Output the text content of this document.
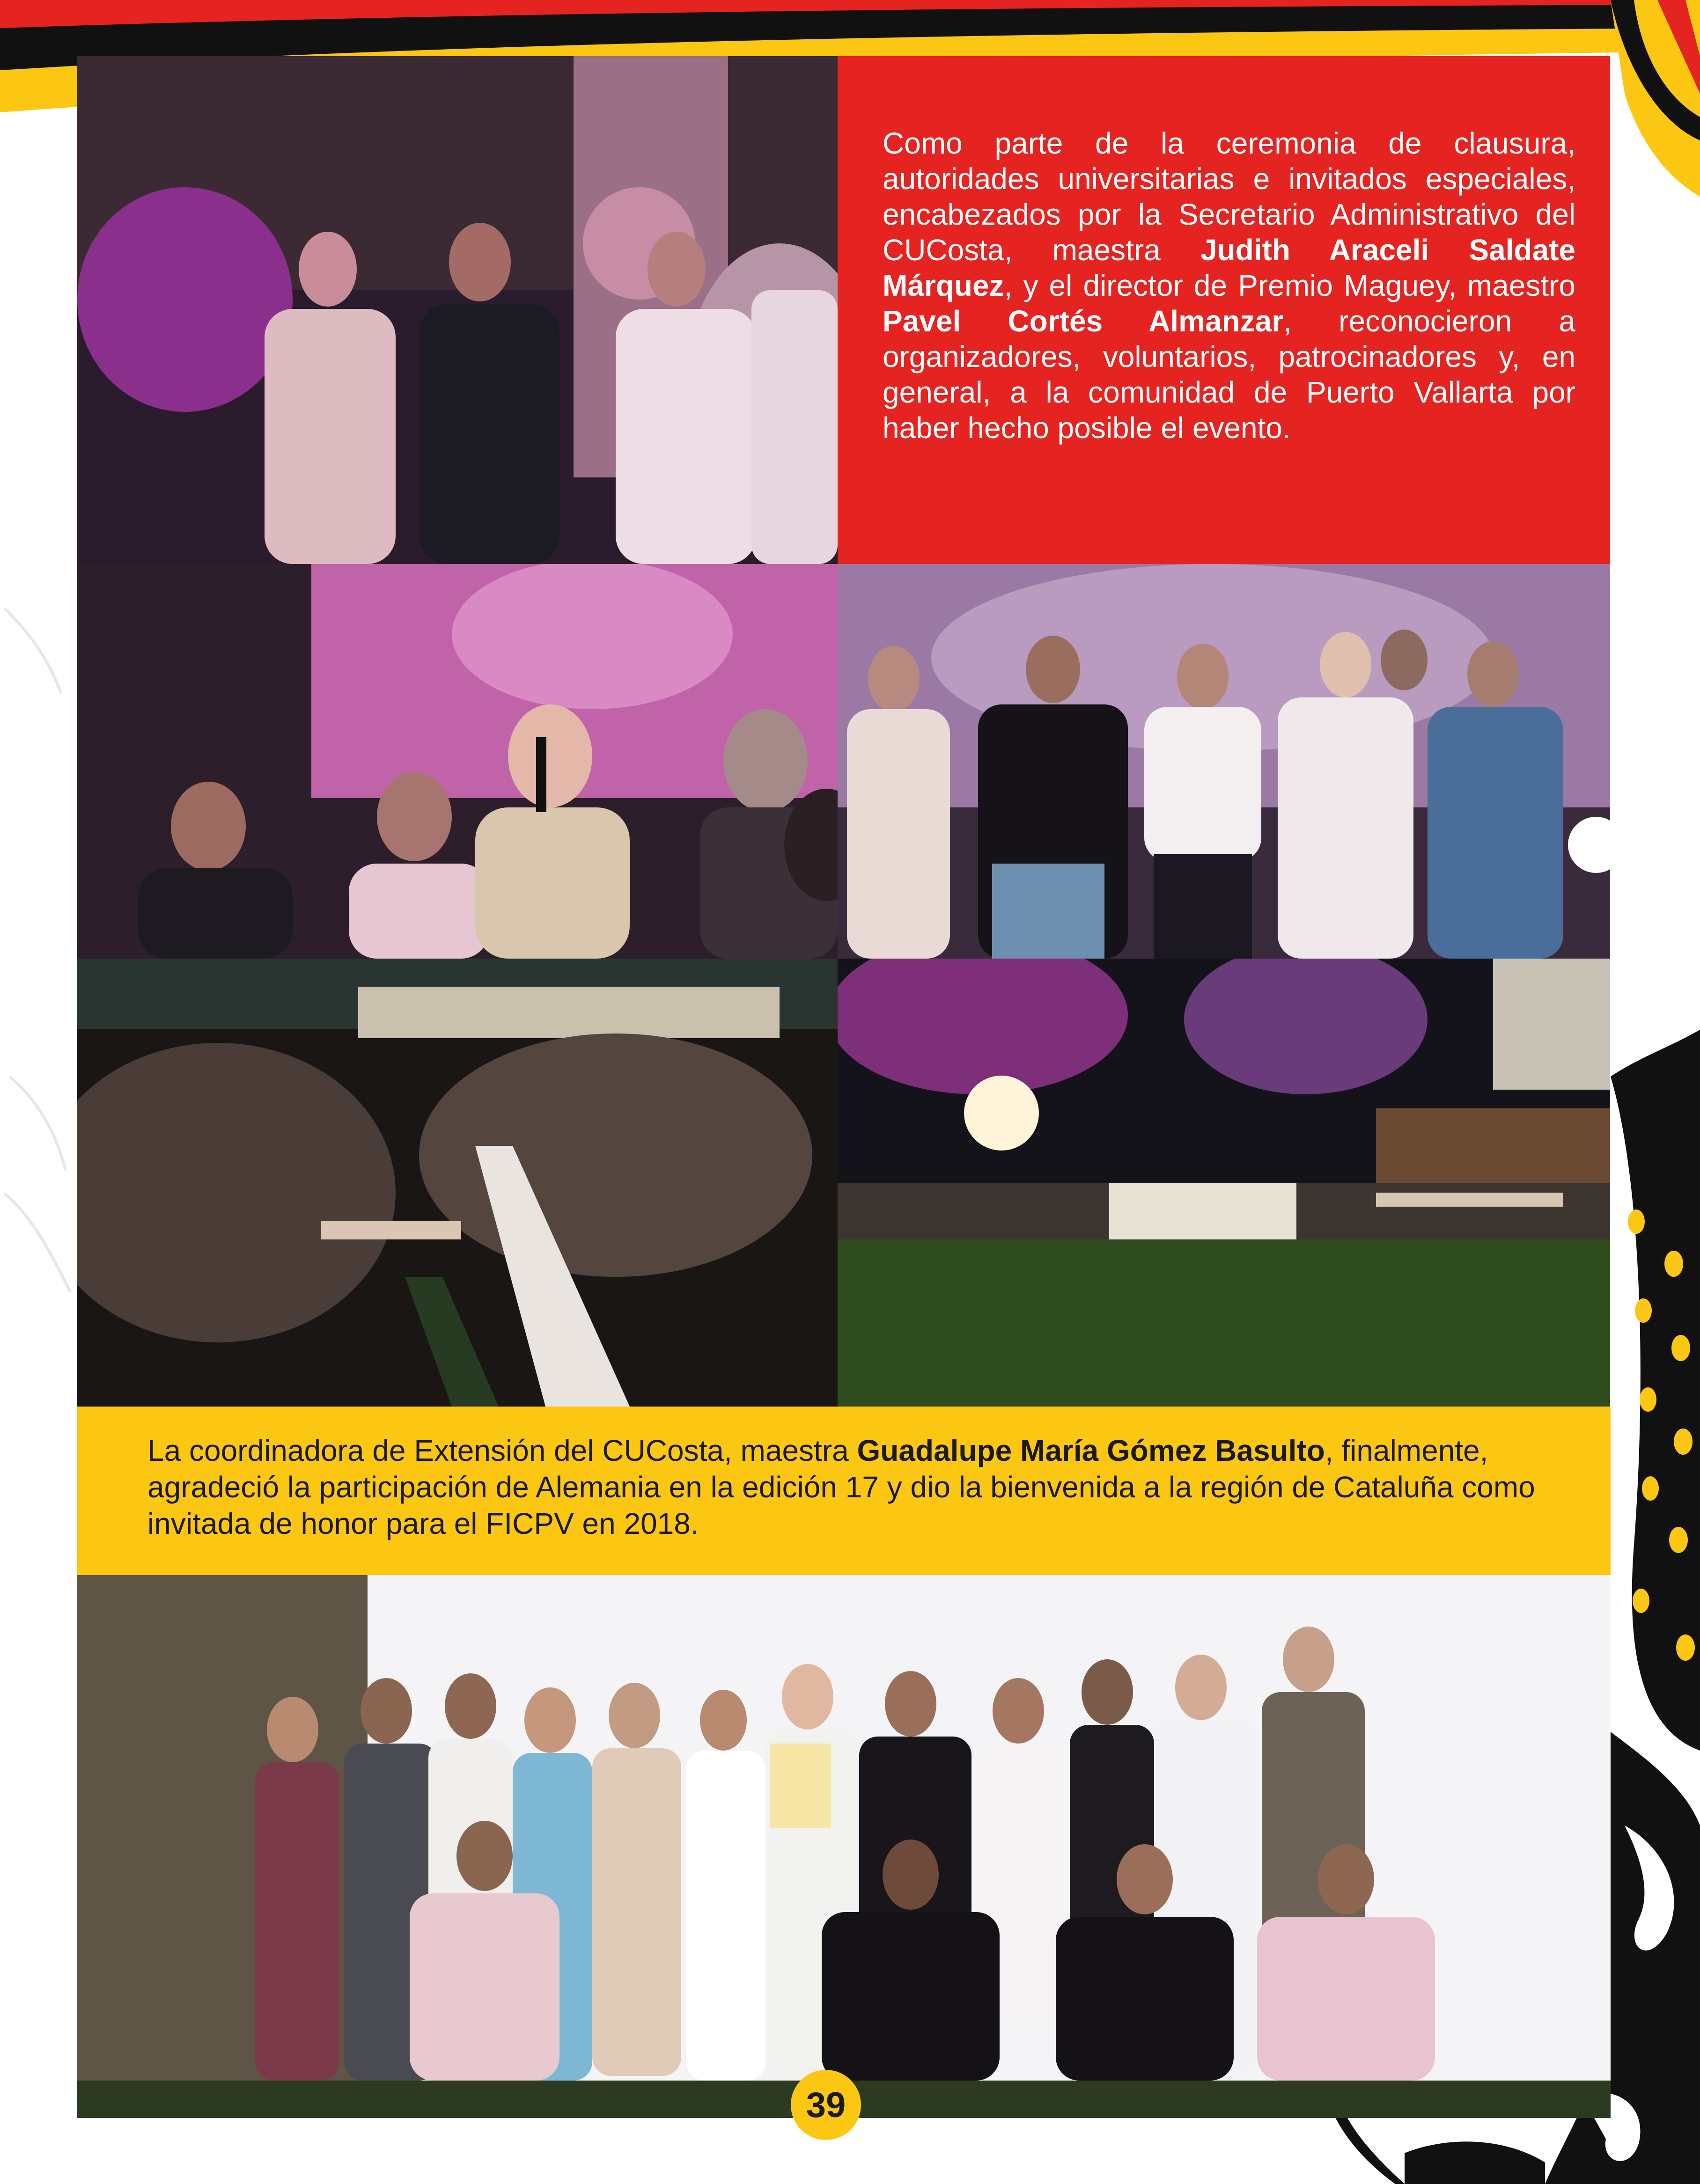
Como parte de la ceremonia de clausura, autoridades universitarias e invitados especiales, encabezados por la Secretario Administrativo del CUCosta, maestra Judith Araceli Saldate Márquez, y el director de Premio Maguey, maestro Pavel Cortés Almanzar, reconocieron a organizadores, voluntarios, patrocinadores y, en general, a la comunidad de Puerto Vallarta por haber hecho posible el evento.

La coordinadora de Extensión del CUCosta, maestra Guadalupe María Gómez Basulto, finalmente, agradeció la participación de Alemania en la edición 17 y dio la bienvenida a la región de Cataluña como invitada de honor para el FICPV en 2018.

39
